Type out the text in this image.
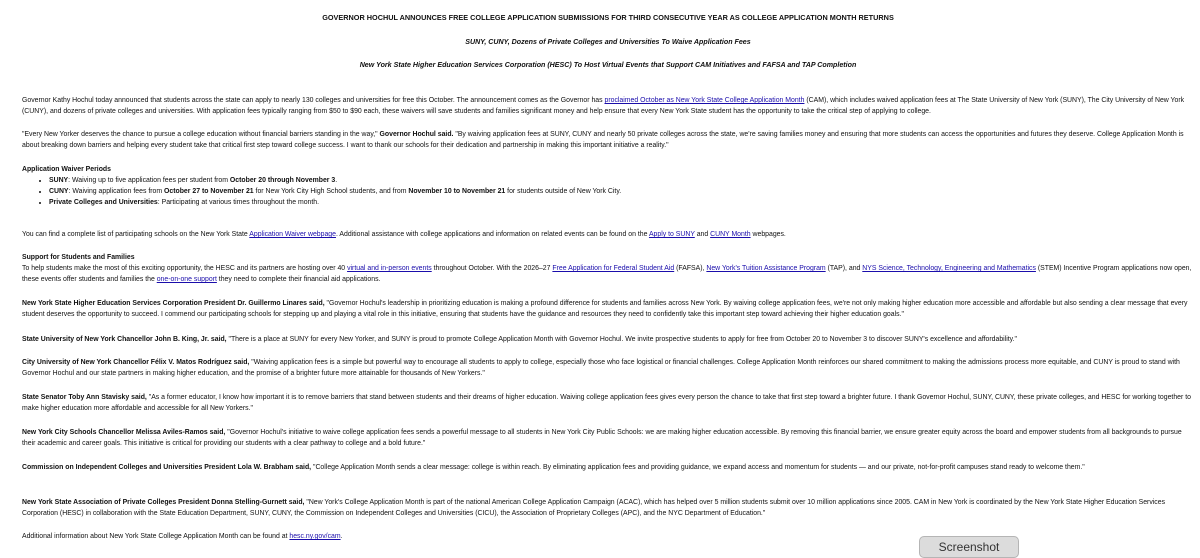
GOVERNOR HOCHUL ANNOUNCES FREE COLLEGE APPLICATION SUBMISSIONS FOR THIRD CONSECUTIVE YEAR AS COLLEGE APPLICATION MONTH RETURNS
SUNY, CUNY, Dozens of Private Colleges and Universities To Waive Application Fees
New York State Higher Education Services Corporation (HESC) To Host Virtual Events that Support CAM Initiatives and FAFSA and TAP Completion
Governor Kathy Hochul today announced that students across the state can apply to nearly 130 colleges and universities for free this October. The announcement comes as the Governor has proclaimed October as New York State College Application Month (CAM), which includes waived application fees at The State University of New York (SUNY), The City University of New York (CUNY), and dozens of private colleges and universities. With application fees typically ranging from $50 to $90 each, these waivers will save students and families significant money and help ensure that every New York State student has the opportunity to take the critical step of applying to college.
"Every New Yorker deserves the chance to pursue a college education without financial barriers standing in the way," Governor Hochul said. "By waiving application fees at SUNY, CUNY and nearly 50 private colleges across the state, we're saving families money and ensuring that more students can access the opportunities and futures they deserve. College Application Month is about breaking down barriers and helping every student take that critical first step toward college success. I want to thank our schools for their dedication and partnership in making this important initiative a reality."

Application Waiver Periods

• SUNY: Waiving up to five application fees per student from October 20 through November 3.
• CUNY: Waiving application fees from October 27 to November 21 for New York City High School students, and from November 10 to November 21 for students outside of New York City.
• Private Colleges and Universities: Participating at various times throughout the month.
You can find a complete list of participating schools on the New York State Application Waiver webpage. Additional assistance with college applications and information on related events can be found on the Apply to SUNY and CUNY Month webpages.

Support for Students and Families

To help students make the most of this exciting opportunity, the HESC and its partners are hosting over 40 virtual and in-person events throughout October. With the 2026–27 Free Application for Federal Student Aid (FAFSA), New York's Tuition Assistance Program (TAP), and NYS Science, Technology, Engineering and Mathematics (STEM) Incentive Program applications now open, these events offer students and families the one-on-one support they need to complete their financial aid applications.

New York State Higher Education Services Corporation President Dr. Guillermo Linares said, "Governor Hochul's leadership in prioritizing education is making a profound difference for students and families across New York. By waiving college application fees, we're not only making higher education more accessible and affordable but also sending a clear message that every student deserves the opportunity to succeed. I commend our participating schools for stepping up and playing a vital role in this initiative, ensuring that students have the guidance and resources they need to confidently take this important step toward achieving their higher education goals."
State University of New York Chancellor John B. King, Jr. said, "There is a place at SUNY for every New Yorker, and SUNY is proud to promote College Application Month with Governor Hochul. We invite prospective students to apply for free from October 20 to November 3 to discover SUNY's excellence and affordability."
City University of New York Chancellor Félix V. Matos Rodríguez said, "Waiving application fees is a simple but powerful way to encourage all students to apply to college, especially those who face logistical or financial challenges. College Application Month reinforces our shared commitment to making the admissions process more equitable, and CUNY is proud to stand with Governor Hochul and our state partners in making higher education, and the promise of a brighter future more attainable for thousands of New Yorkers."
State Senator Toby Ann Stavisky said, "As a former educator, I know how important it is to remove barriers that stand between students and their dreams of higher education. Waiving college application fees gives every person the chance to take that first step toward a brighter future. I thank Governor Hochul, SUNY, CUNY, these private colleges, and HESC for working together to make higher education more affordable and accessible for all New Yorkers."
New York City Schools Chancellor Melissa Aviles-Ramos said, "Governor Hochul's initiative to waive college application fees sends a powerful message to all students in New York City Public Schools: we are making higher education accessible. By removing this financial barrier, we ensure greater equity across the board and empower students from all backgrounds to pursue their academic and career goals. This initiative is critical for providing our students with a clear pathway to college and a bold future."
Commission on Independent Colleges and Universities President Lola W. Brabham said, "College Application Month sends a clear message: college is within reach. By eliminating application fees and providing guidance, we expand access and momentum for students — and our private, not-for-profit campuses stand ready to welcome them."
New York State Association of Private Colleges President Donna Stelling-Gurnett said, "New York's College Application Month is part of the national American College Application Campaign (ACAC), which has helped over 5 million students submit over 10 million applications since 2005. CAM in New York is coordinated by the New York State Higher Education Services Corporation (HESC) in collaboration with the State Education Department, SUNY, CUNY, the Commission on Independent Colleges and Universities (CICU), the Association of Proprietary Colleges (APC), and the NYC Department of Education."
Additional information about New York State College Application Month can be found at hesc.ny.gov/cam.
Screenshot
